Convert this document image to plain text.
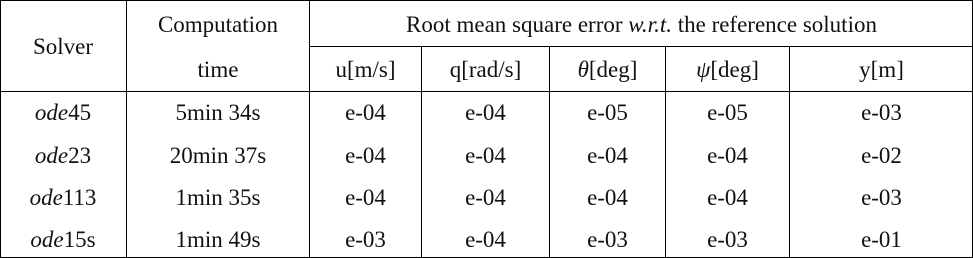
Solver
Computation
time
Root mean square error w.r.t. the reference solution
u[m/s] q[rad/s] θ [deg]	ψ [deg]	y[m]
ode 45	5min 34s	e-04	e-04	e-05	e-05	e-03
ode 23	20min 37s	e-04	e-04	e-04	e-04	e-02
ode 113	1min 35s	e-04	e-04	e-04	e-04	e-03
ode 15s	1min 49s	e-03	e-04	e-03	e-03	e-01
